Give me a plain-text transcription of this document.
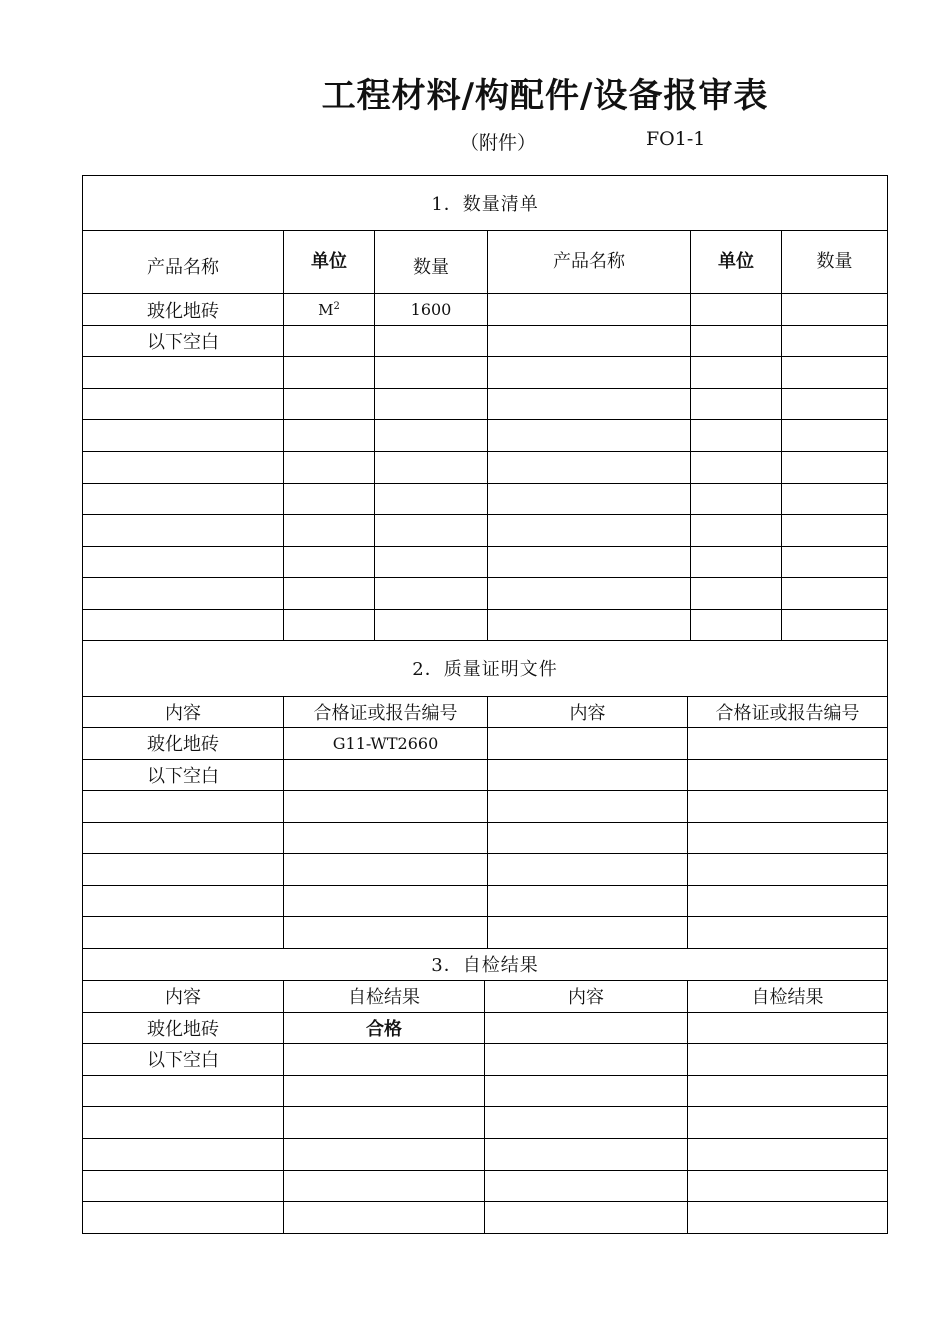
工程材料/构配件/设备报审表
（附件）	FO1-1
1．数量清单					
产品名称	单位	数量	产品名称	单位	数量
玻化地砖	$M^2$	1600			
以下空白					

2．质量证明文件			
内容	合格证或报告编号	内容	合格证或报告编号
玻化地砖	G11-WT2660		
以下空白			

3．自检结果			
内容	自检结果	内容	自检结果
玻化地砖	合格		
以下空白			
